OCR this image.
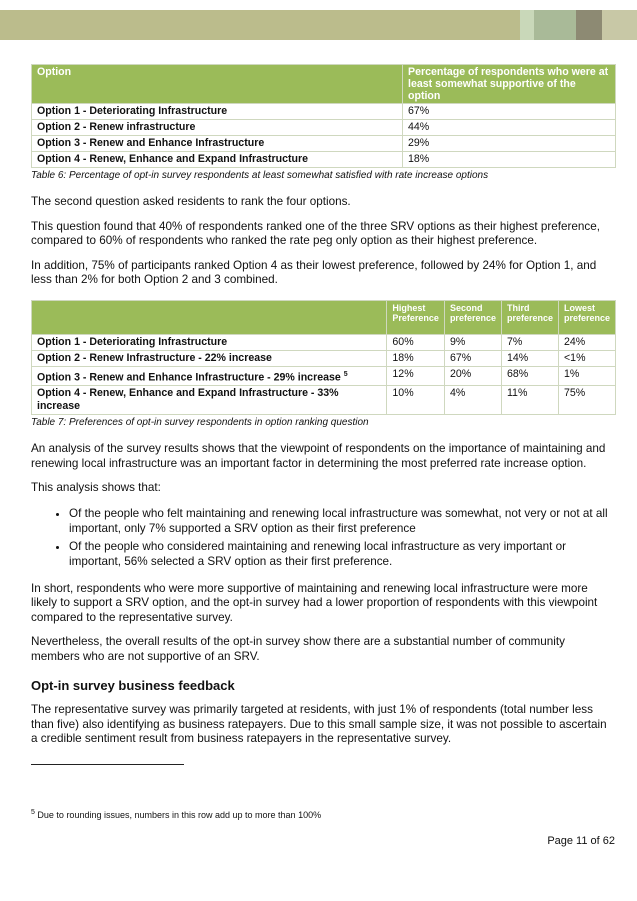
Option	Percentage of respondents who were at least somewhat supportive of the option
Option 1 - Deteriorating Infrastructure	67%
Option 2 - Renew infrastructure	44%
Option 3 - Renew and Enhance Infrastructure	29%
Option 4 - Renew, Enhance and Expand Infrastructure	18%
Table 6: Percentage of opt-in survey respondents at least somewhat satisfied with rate increase options

The second question asked residents to rank the four options.

This question found that 40% of respondents ranked one of the three SRV options as their highest preference, compared to 60% of respondents who ranked the rate peg only option as their highest preference.

In addition, 75% of participants ranked Option 4 as their lowest preference, followed by 24% for Option 1, and less than 2% for both Option 2 and 3 combined.

	Highest Preference	Second preference	Third preference	Lowest preference
Option 1 - Deteriorating Infrastructure	60%	9%	7%	24%
Option 2 - Renew Infrastructure - 22% increase	18%	67%	14%	<1%
Option 3 - Renew and Enhance Infrastructure - 29% increase $^5$	12%	20%	68%	1%
Option 4 - Renew, Enhance and Expand Infrastructure - 33% increase	10%	4%	11%	75%
Table 7: Preferences of opt-in survey respondents in option ranking question

An analysis of the survey results shows that the viewpoint of respondents on the importance of maintaining and renewing local infrastructure was an important factor in determining the most preferred rate increase option.

This analysis shows that:

• Of the people who felt maintaining and renewing local infrastructure was somewhat, not very or not at all important, only 7% supported a SRV option as their first preference
• Of the people who considered maintaining and renewing local infrastructure as very important or important, 56% selected a SRV option as their first preference.

In short, respondents who were more supportive of maintaining and renewing local infrastructure were more likely to support a SRV option, and the opt-in survey had a lower proportion of respondents with this viewpoint compared to the representative survey.

Nevertheless, the overall results of the opt-in survey show there are a substantial number of community members who are not supportive of an SRV.

Opt-in survey business feedback

The representative survey was primarily targeted at residents, with just 1% of respondents (total number less than five) also identifying as business ratepayers. Due to this small sample size, it was not possible to ascertain a credible sentiment result from business ratepayers in the representative survey.

$^5$ Due to rounding issues, numbers in this row add up to more than 100%
Page 11 of 62
